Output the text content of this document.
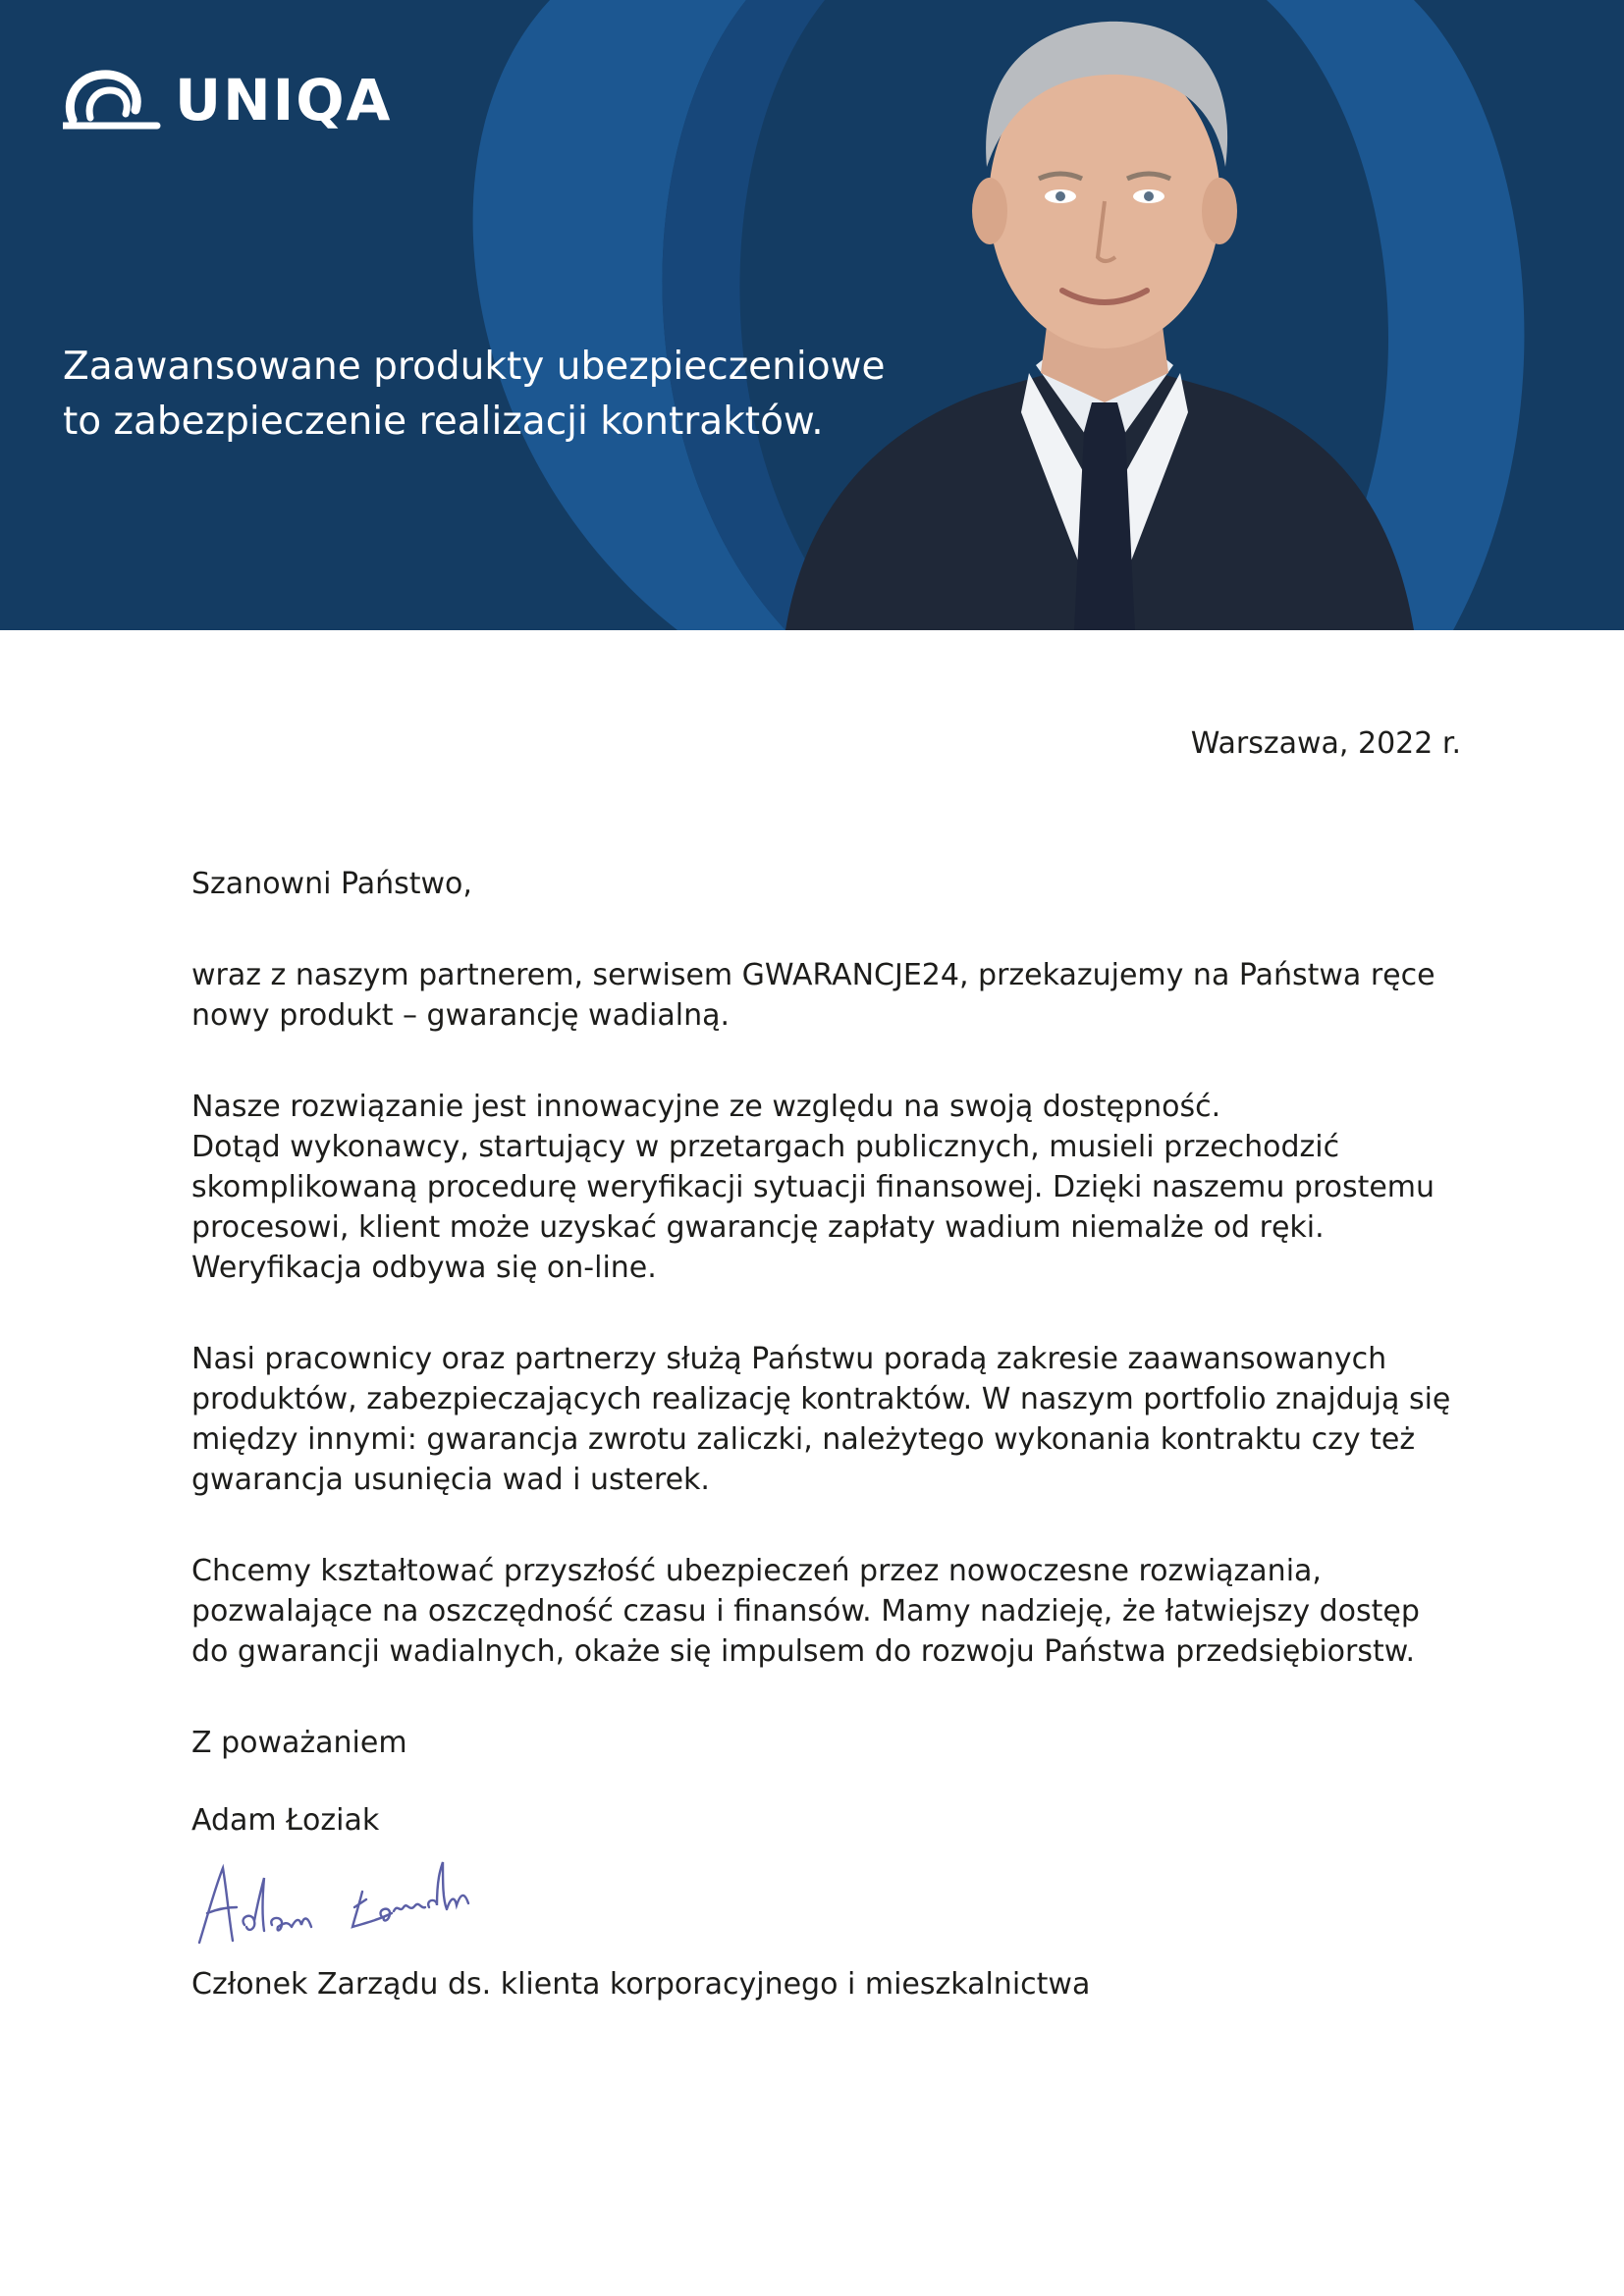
UNIQA
Zaawansowane produkty ubezpieczeniowe
to zabezpieczenie realizacji kontraktów.
Warszawa, 2022 r.

Szanowni Państwo,

wraz z naszym partnerem, serwisem GWARANCJE24, przekazujemy na Państwa ręce
nowy produkt – gwarancję wadialną.

Nasze rozwiązanie jest innowacyjne ze względu na swoją dostępność.
Dotąd wykonawcy, startujący w przetargach publicznych, musieli przechodzić
skomplikowaną procedurę weryfikacji sytuacji finansowej. Dzięki naszemu prostemu
procesowi, klient może uzyskać gwarancję zapłaty wadium niemalże od ręki.
Weryfikacja odbywa się on-line.

Nasi pracownicy oraz partnerzy służą Państwu poradą zakresie zaawansowanych
produktów, zabezpieczających realizację kontraktów. W naszym portfolio znajdują się
między innymi: gwarancja zwrotu zaliczki, należytego wykonania kontraktu czy też
gwarancja usunięcia wad i usterek.

Chcemy kształtować przyszłość ubezpieczeń przez nowoczesne rozwiązania,
pozwalające na oszczędność czasu i finansów. Mamy nadzieję, że łatwiejszy dostęp
do gwarancji wadialnych, okaże się impulsem do rozwoju Państwa przedsiębiorstw.

Z poważaniem

Adam Łoziak

Członek Zarządu ds. klienta korporacyjnego i mieszkalnictwa
